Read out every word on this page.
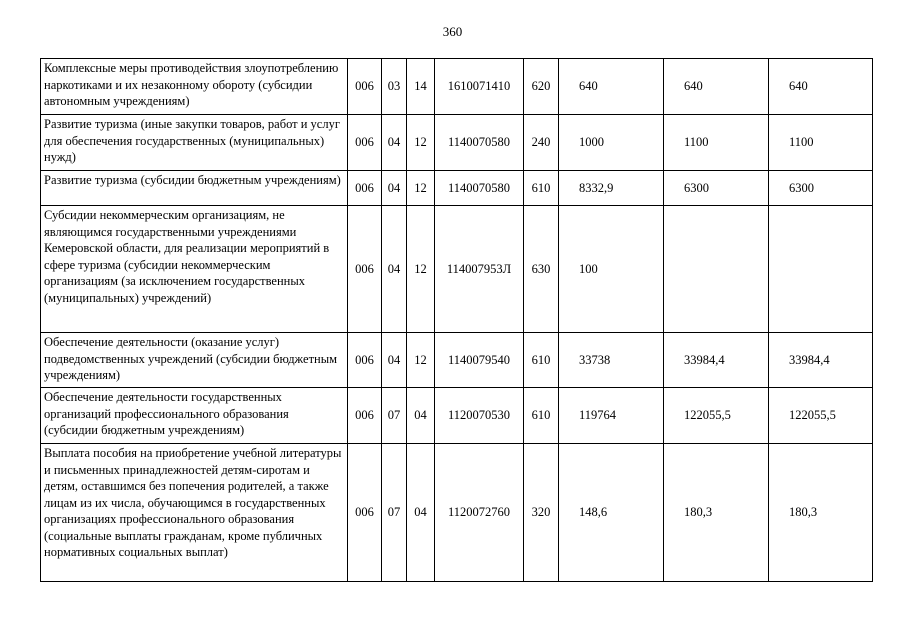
360
Комплексные меры противодействия злоупотреблению наркотиками и их незаконному обороту (субсидии автономным учреждениям)	006	03	14	1610071410	620	640	640	640
Развитие туризма (иные закупки товаров, работ и услуг для обеспечения государственных (муниципальных) нужд)	006	04	12	1140070580	240	1000	1100	1100
Развитие туризма (субсидии бюджетным учреждениям)	006	04	12	1140070580	610	8332,9	6300	6300
Субсидии некоммерческим организациям, не являющимся государственными учреждениями Кемеровской области, для реализации мероприятий в сфере туризма (субсидии некоммерческим организациям (за исключением государственных (муниципальных) учреждений)	006	04	12	114007953Л	630	100		
Обеспечение деятельности (оказание услуг) подведомственных учреждений (субсидии бюджетным учреждениям)	006	04	12	1140079540	610	33738	33984,4	33984,4
Обеспечение деятельности государственных организаций профессионального образования (субсидии бюджетным учреждениям)	006	07	04	1120070530	610	119764	122055,5	122055,5
Выплата пособия на приобретение учебной литературы и письменных принадлежностей детям-сиротам и детям, оставшимся без попечения родителей, а также лицам из их числа, обучающимся в государственных организациях профессионального образования (социальные выплаты гражданам, кроме публичных нормативных социальных выплат)	006	07	04	1120072760	320	148,6	180,3	180,3
